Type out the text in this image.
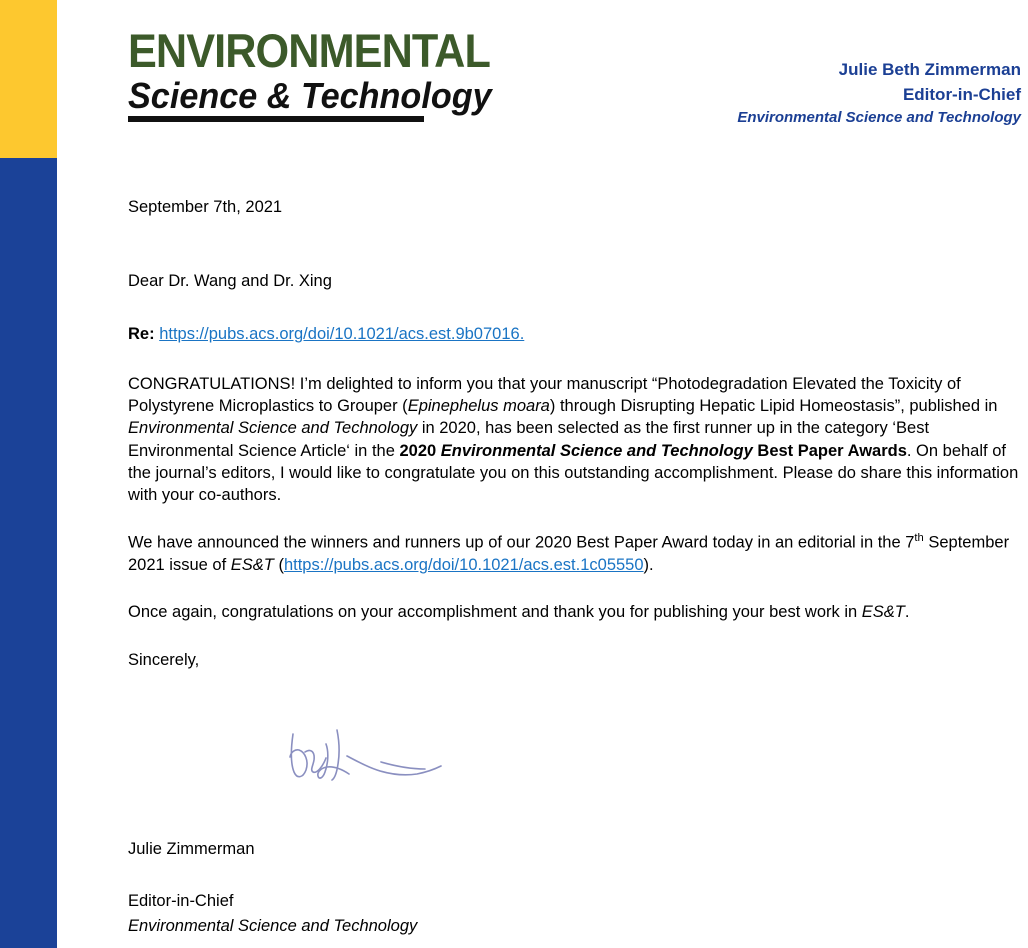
ENVIRONMENTAL
Science & Technology
Julie Beth Zimmerman
Editor-in-Chief
Environmental Science and Technology
September 7th, 2021
Dear Dr. Wang and Dr. Xing
Re: https://pubs.acs.org/doi/10.1021/acs.est.9b07016.
CONGRATULATIONS! I’m delighted to inform you that your manuscript “Photodegradation Elevated the Toxicity of Polystyrene Microplastics to Grouper (Epinephelus moara) through Disrupting Hepatic Lipid Homeostasis”, published in Environmental Science and Technology in 2020, has been selected as the first runner up in the category ‘Best Environmental Science Article‘ in the 2020 Environmental Science and Technology Best Paper Awards. On behalf of the journal’s editors, I would like to congratulate you on this outstanding accomplishment. Please do share this information with your co-authors.
We have announced the winners and runners up of our 2020 Best Paper Award today in an editorial in the 7th September 2021 issue of ES&T (https://pubs.acs.org/doi/10.1021/acs.est.1c05550).
Once again, congratulations on your accomplishment and thank you for publishing your best work in ES&T.
Sincerely,
Julie Zimmerman
Editor-in-Chief
Environmental Science and Technology
